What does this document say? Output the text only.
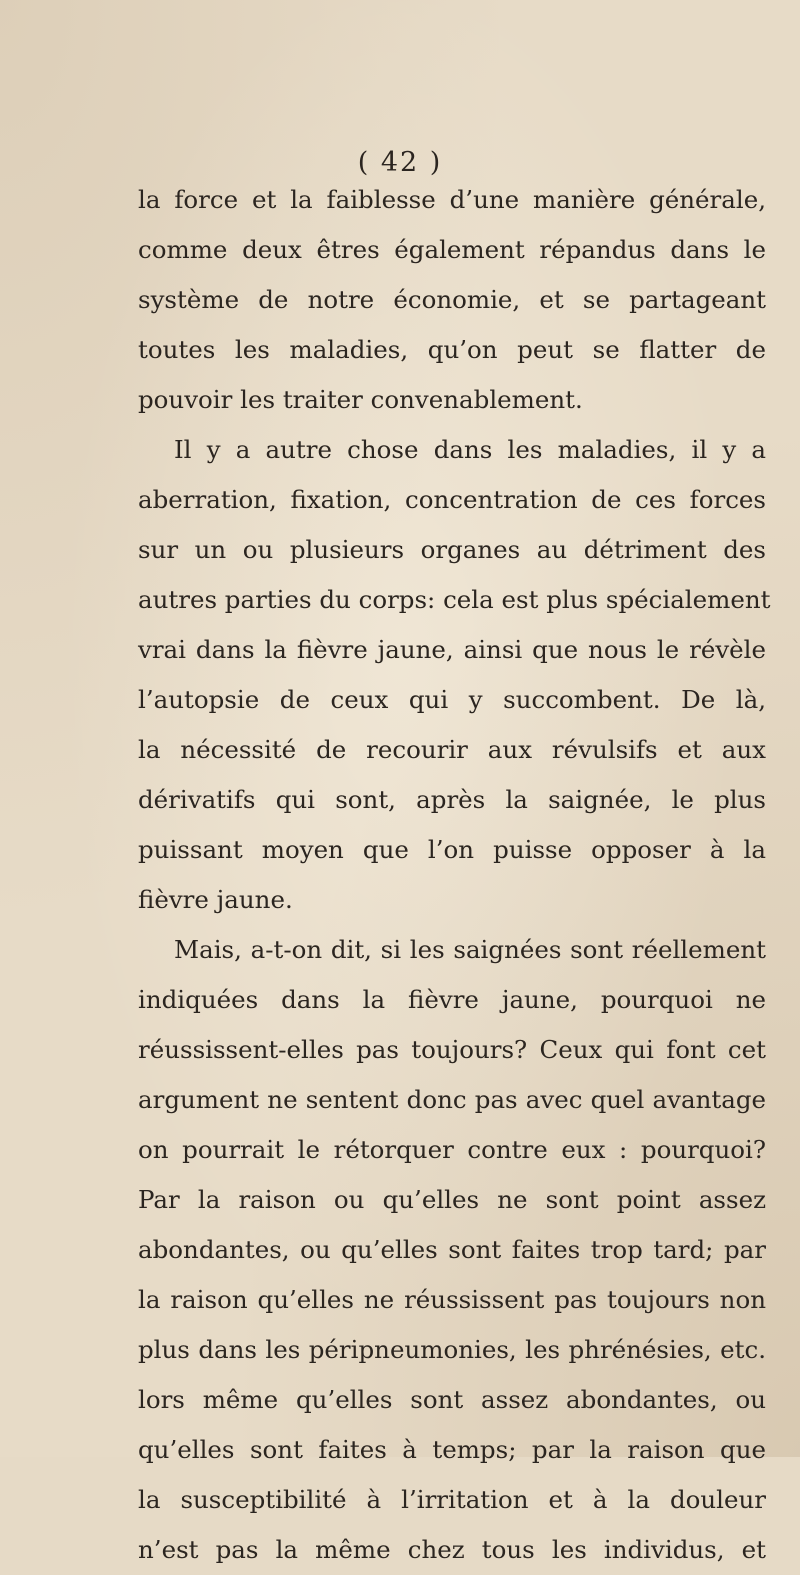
( 42 )
la force et la faiblesse d’une manière générale,
comme deux êtres également répandus dans le
système de notre économie, et se partageant
toutes les maladies, qu’on peut se flatter de
pouvoir les traiter convenablement.
Il y a autre chose dans les maladies, il y a
aberration, fixation, concentration de ces forces
sur un ou plusieurs organes au détriment des
autres parties du corps: cela est plus spécialement
vrai dans la fièvre jaune, ainsi que nous le révèle
l’autopsie de ceux qui y succombent. De là,
la nécessité de recourir aux révulsifs et aux
dérivatifs qui sont, après la saignée, le plus
puissant moyen que l’on puisse opposer à la
fièvre jaune.
Mais, a-t-on dit, si les saignées sont réellement
indiquées dans la fièvre jaune, pourquoi ne
réussissent-elles pas toujours? Ceux qui font cet
argument ne sentent donc pas avec quel avantage
on pourrait le rétorquer contre eux : pourquoi?
Par la raison ou qu’elles ne sont point assez
abondantes, ou qu’elles sont faites trop tard; par
la raison qu’elles ne réussissent pas toujours non
plus dans les péripneumonies, les phrénésies, etc.
lors même qu’elles sont assez abondantes, ou
qu’elles sont faites à temps; par la raison que
la susceptibilité à l’irritation et à la douleur
n’est pas la même chez tous les individus, et
